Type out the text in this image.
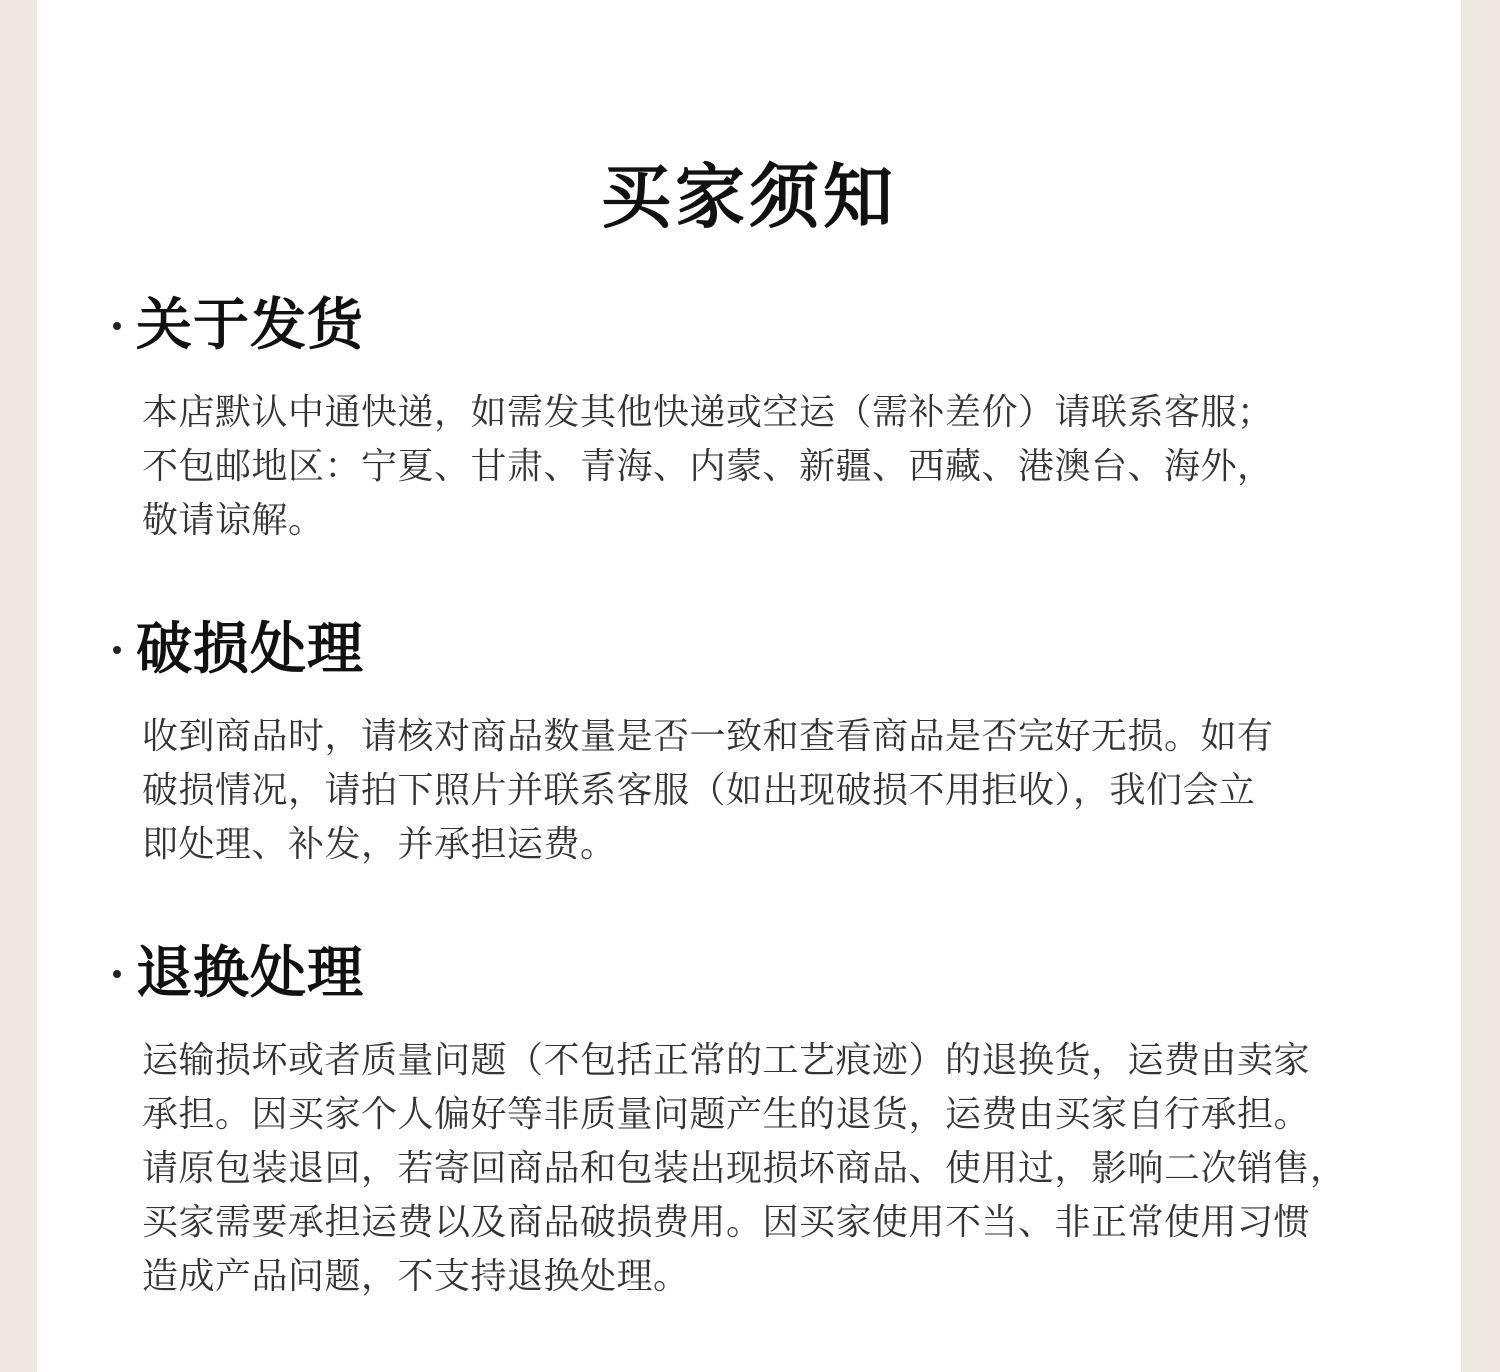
买家须知
关于发货
本店默认中通快递，如需发其他快递或空运（需补差价）请联系客服；
不包邮地区：宁夏、甘肃、青海、内蒙、新疆、西藏、港澳台、海外，
敬请谅解。
破损处理
收到商品时，请核对商品数量是否一致和查看商品是否完好无损。如有
破损情况，请拍下照片并联系客服（如出现破损不用拒收），我们会立
即处理、补发，并承担运费。
退换处理
运输损坏或者质量问题（不包括正常的工艺痕迹）的退换货，运费由卖家
承担。因买家个人偏好等非质量问题产生的退货，运费由买家自行承担。
请原包装退回，若寄回商品和包装出现损坏商品、使用过，影响二次销售，
买家需要承担运费以及商品破损费用。因买家使用不当、非正常使用习惯
造成产品问题，不支持退换处理。
